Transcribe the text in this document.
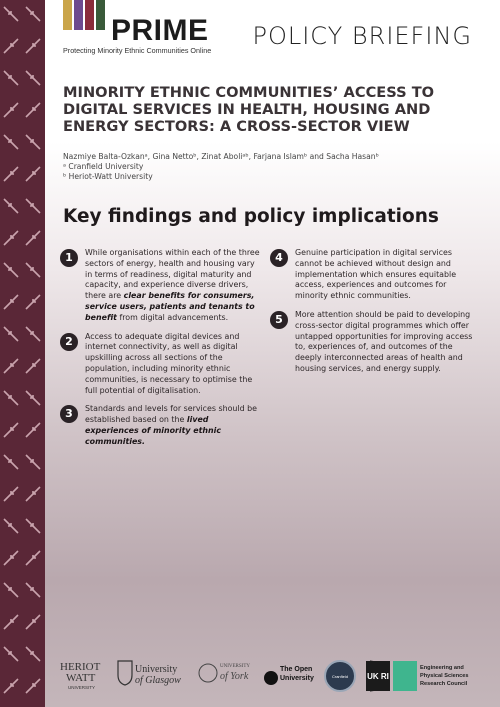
PRIME
Protecting Minority Ethnic Communities Online
POLICY BRIEFING
MINORITY ETHNIC COMMUNITIES’ ACCESS TO DIGITAL SERVICES IN HEALTH, HOUSING AND ENERGY SECTORS: A CROSS-SECTOR VIEW
Nazmiye Balta-Ozkanᵃ, Gina Nettoᵇ, Zinat Aboliᵃᵇ, Farjana Islamᵇ and Sacha Hasanᵇ
ᵃ Cranfield University
ᵇ Heriot-Watt University
Key findings and policy implications
1	While organisations within each of the three sectors of energy, health and housing vary in terms of readiness, digital maturity and capacity, and experience diverse drivers, there are clear benefits for consumers, service users, patients and tenants to benefit from digital advancements.
2	Access to adequate digital devices and internet connectivity, as well as digital upskilling across all sections of the population, including minority ethnic communities, is necessary to optimise the full potential of digitalisation.
3	Standards and levels for services should be established based on the lived experiences of minority ethnic communities.
4	Genuine participation in digital services cannot be achieved without design and implementation which ensures equitable access, experiences and outcomes for minority ethnic communities.
5	More attention should be paid to developing cross-sector digital programmes which offer untapped opportunities for improving access to, experiences of, and outcomes of the deeply interconnected areas of health and housing services, and energy supply.
HERIOT
WATT
UNIVERSITY
University
of Glasgow
UNIVERSITY
of York
The Open
University	Cranfield UK RI
Engineering and
Physical Sciences
Research Council
